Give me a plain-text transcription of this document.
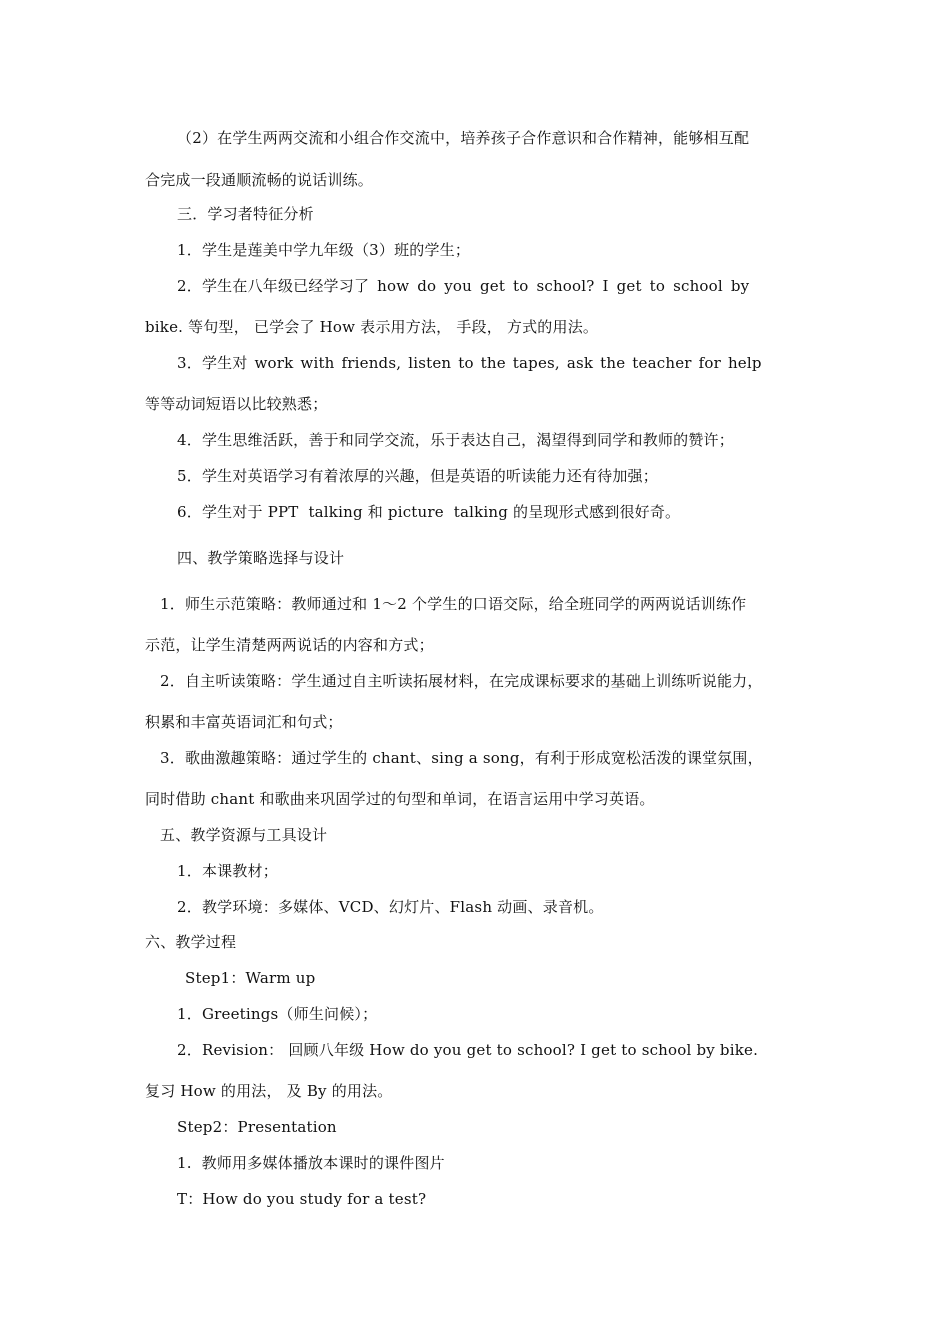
（2）在学生两两交流和小组合作交流中，培养孩子合作意识和合作精神，能够相互配
合完成一段通顺流畅的说话训练。
三．学习者特征分析
1．学生是莲美中学九年级（3）班的学生；
2．学生在八年级已经学习了 how do you get to school? I get to school by
bike. 等句型， 已学会了 How 表示用方法， 手段， 方式的用法。
3．学生对 work with friends, listen to the tapes, ask the teacher for help
等等动词短语以比较熟悉；
4．学生思维活跃，善于和同学交流，乐于表达自己，渴望得到同学和教师的赞许；
5．学生对英语学习有着浓厚的兴趣，但是英语的听读能力还有待加强；
6．学生对于 PPT  talking 和 picture  talking 的呈现形式感到很好奇。
四、教学策略选择与设计
1．师生示范策略：教师通过和 1～2 个学生的口语交际，给全班同学的两两说话训练作
示范，让学生清楚两两说话的内容和方式；
2．自主听读策略：学生通过自主听读拓展材料，在完成课标要求的基础上训练听说能力，
积累和丰富英语词汇和句式；
3．歌曲激趣策略：通过学生的 chant、sing a song，有利于形成宽松活泼的课堂氛围，
同时借助 chant 和歌曲来巩固学过的句型和单词，在语言运用中学习英语。
五、教学资源与工具设计
1．本课教材；
2．教学环境：多媒体、VCD、幻灯片、Flash 动画、录音机。
六、教学过程
Step1：Warm up
1．Greetings（师生问候）；
2．Revision： 回顾八年级 How do you get to school? I get to school by bike.
复习 How 的用法， 及 By 的用法。
Step2：Presentation
1.  教师用多媒体播放本课时的课件图片
T：How do you study for a test?
